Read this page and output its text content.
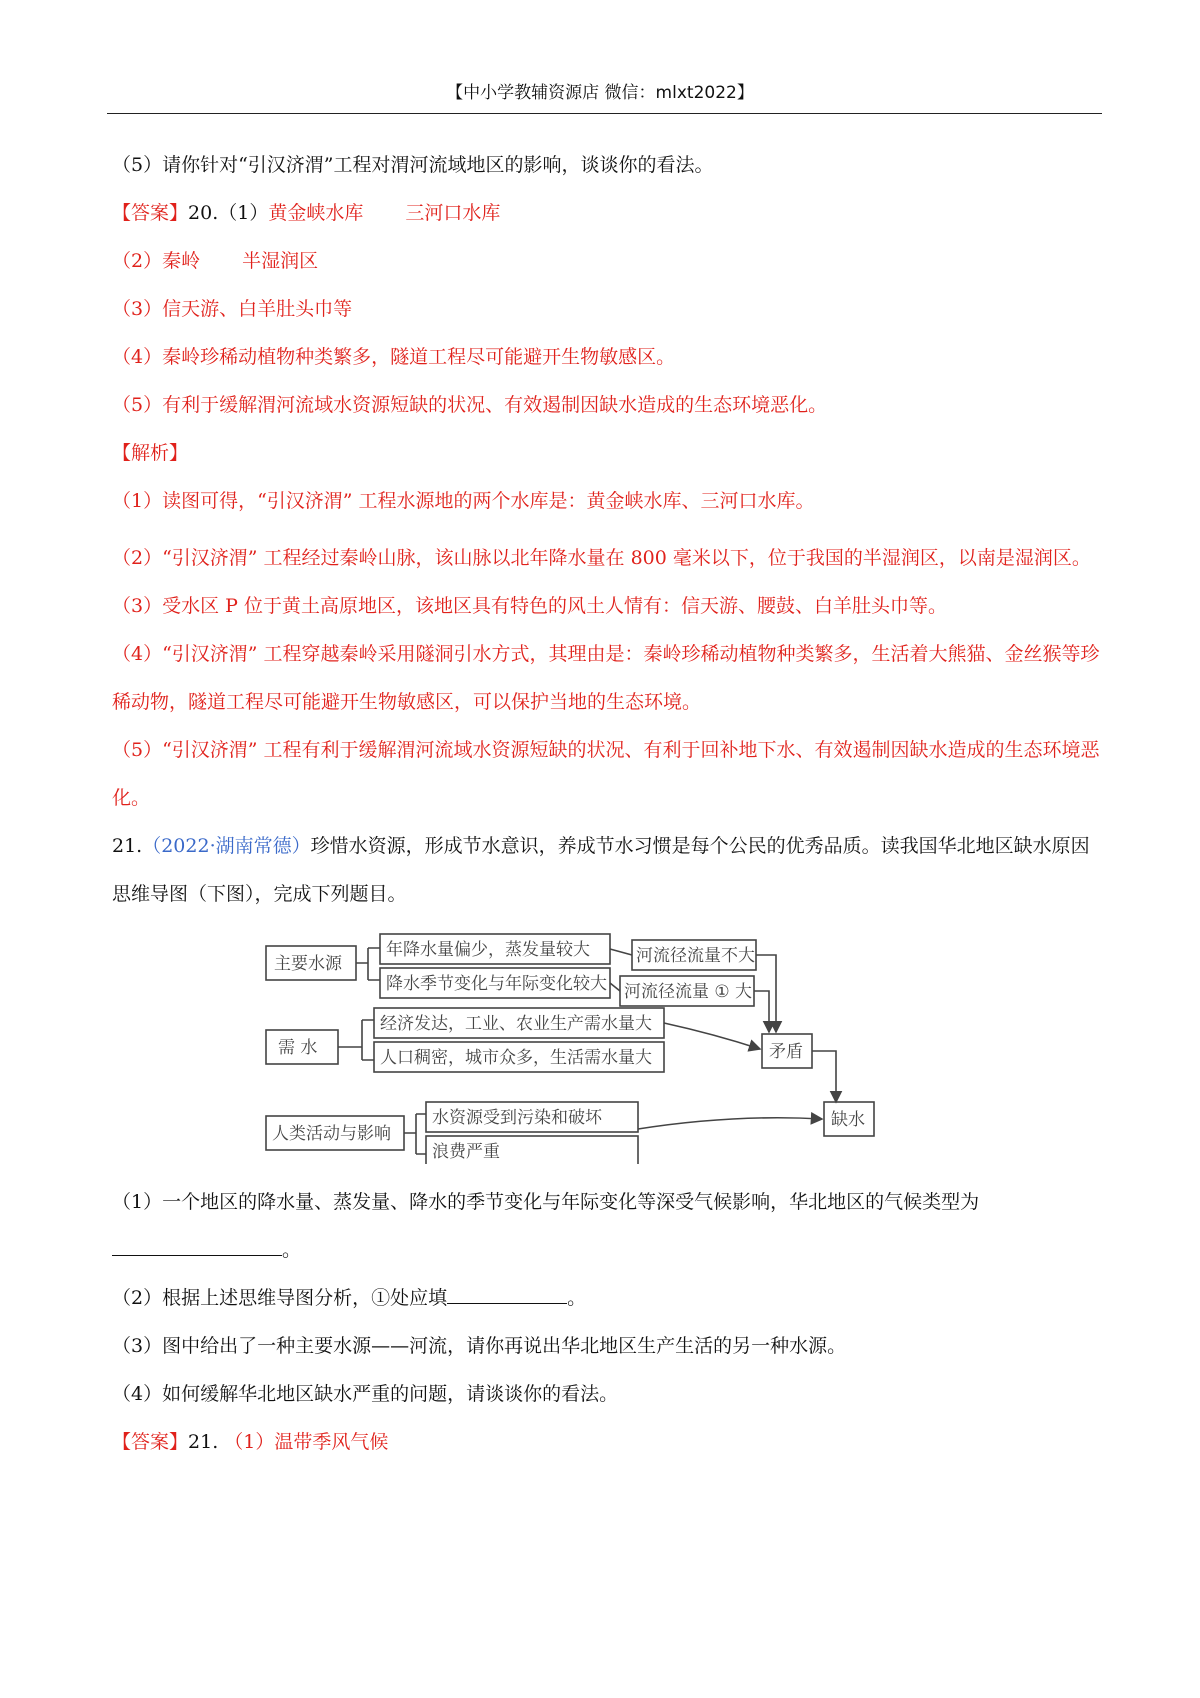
【中小学教辅资源店 微信：mlxt2022】
（5）请你针对“引汉济渭”工程对渭河流域地区的影响，谈谈你的看法。
【答案】20.（1）黄金峡水库 三河口水库
（2）秦岭 半湿润区
（3）信天游、白羊肚头巾等
（4）秦岭珍稀动植物种类繁多，隧道工程尽可能避开生物敏感区。
（5）有利于缓解渭河流域水资源短缺的状况、有效遏制因缺水造成的生态环境恶化。
【解析】
（1）读图可得，“引汉济渭” 工程水源地的两个水库是：黄金峡水库、三河口水库。
（2）“引汉济渭” 工程经过秦岭山脉，该山脉以北年降水量在 800 毫米以下，位于我国的半湿润区，以南是湿润区。
（3）受水区 P 位于黄土高原地区，该地区具有特色的风土人情有：信天游、腰鼓、白羊肚头巾等。
（4）“引汉济渭” 工程穿越秦岭采用隧洞引水方式，其理由是：秦岭珍稀动植物种类繁多，生活着大熊猫、金丝猴等珍稀动物，隧道工程尽可能避开生物敏感区，可以保护当地的生态环境。
（5）“引汉济渭” 工程有利于缓解渭河流域水资源短缺的状况、有利于回补地下水、有效遏制因缺水造成的生态环境恶化。
21.（2022·湖南常德）珍惜水资源，形成节水意识，养成节水习惯是每个公民的优秀品质。读我国华北地区缺水原因思维导图（下图），完成下列题目。
主要水源
需 水
人类活动与影响
年降水量偏少，蒸发量较大
降水季节变化与年际变化较大
经济发达，工业、农业生产需水量大
人口稠密，城市众多，生活需水量大
水资源受到污染和破坏
浪费严重
河流径流量不大
河流径流量 ① 大
矛盾
缺水
（1）一个地区的降水量、蒸发量、降水的季节变化与年际变化等深受气候影响，华北地区的气候类型为
。
（2）根据上述思维导图分析，①处应填	。
（3）图中给出了一种主要水源——河流，请你再说出华北地区生产生活的另一种水源。
（4）如何缓解华北地区缺水严重的问题，请谈谈你的看法。
【答案】21. （1）温带季风气候
